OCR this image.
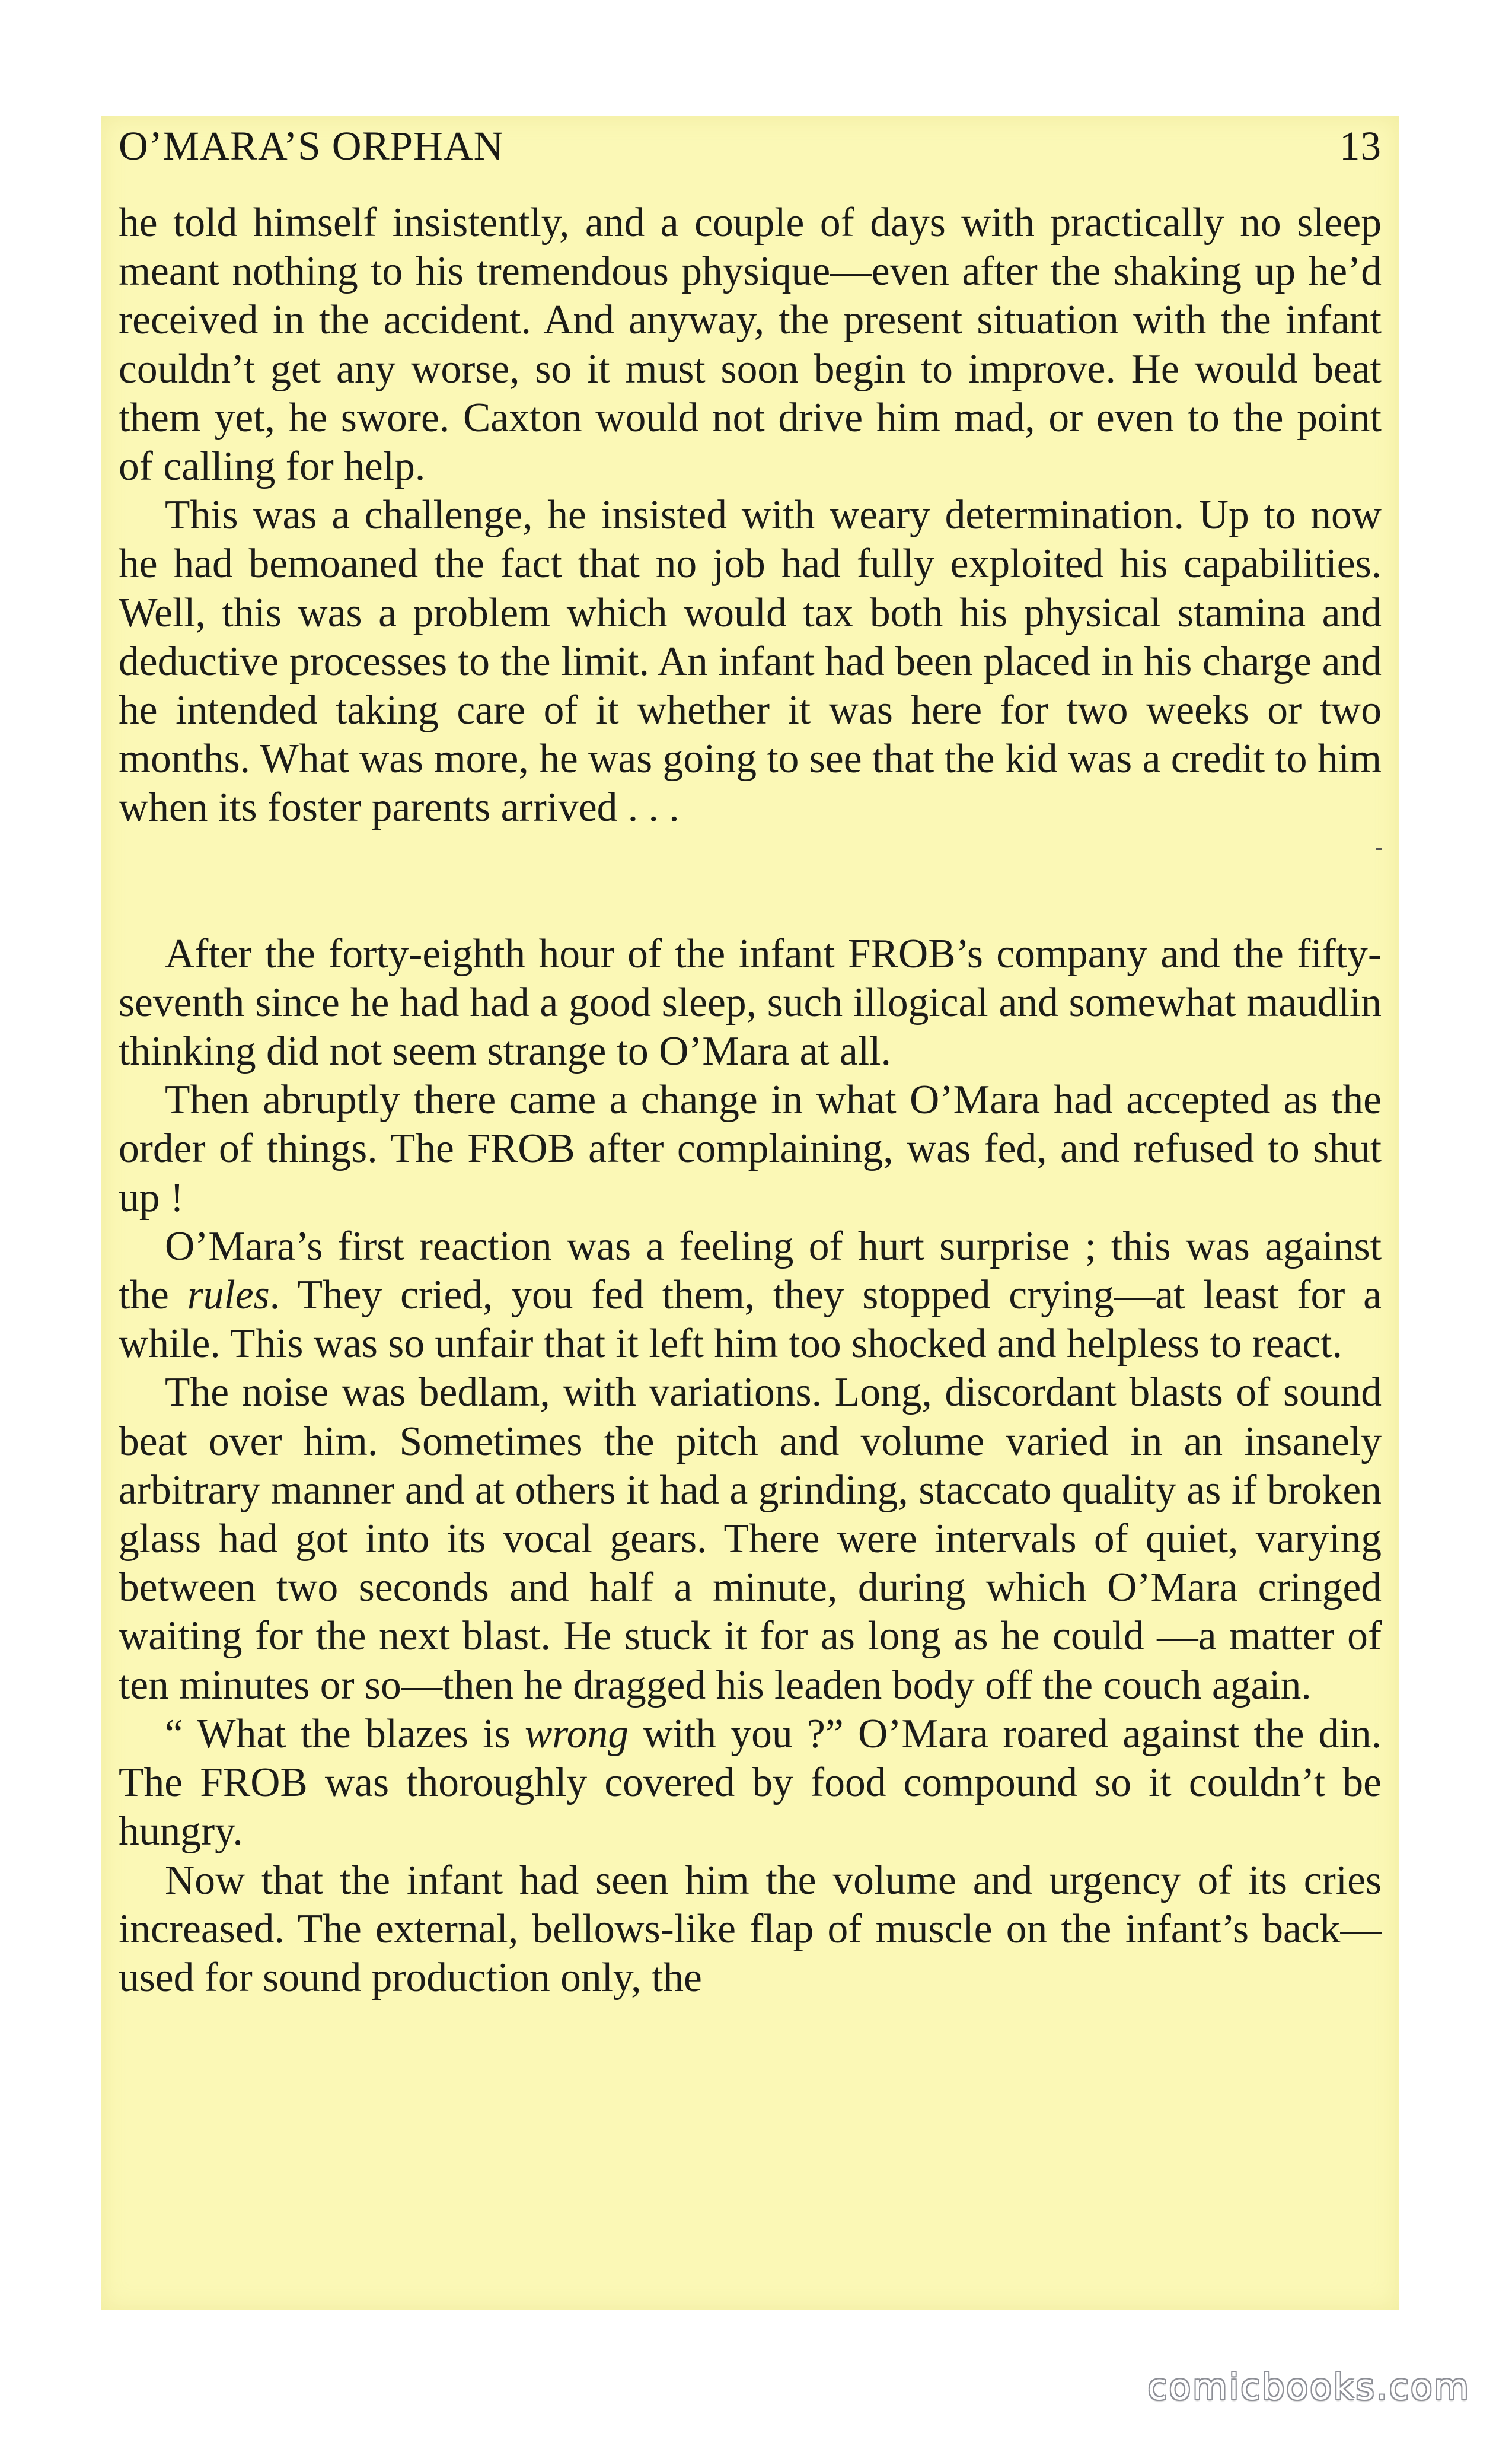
O’MARA’S ORPHAN	13

he told himself insistently, and a couple of days with practically no sleep meant nothing to his tremendous physique—even after the shaking up he’d received in the accident. And anyway, the present situation with the infant couldn’t get any worse, so it must soon begin to improve. He would beat them yet, he swore. Caxton would not drive him mad, or even to the point of calling for help.

This was a challenge, he insisted with weary determination. Up to now he had bemoaned the fact that no job had fully exploited his capabilities. Well, this was a problem which would tax both his physical stamina and deductive processes to the limit. An infant had been placed in his charge and he intended taking care of it whether it was here for two weeks or two months. What was more, he was going to see that the kid was a credit to him when its foster parents arrived . . .

After the forty-eighth hour of the infant FROB’s company and the fifty-seventh since he had had a good sleep, such illogical and somewhat maudlin thinking did not seem strange to O’Mara at all.

Then abruptly there came a change in what O’Mara had accepted as the order of things. The FROB after complaining, was fed, and refused to shut up !

O’Mara’s first reaction was a feeling of hurt surprise ; this was against the rules. They cried, you fed them, they stopped crying—at least for a while. This was so unfair that it left him too shocked and helpless to react.

The noise was bedlam, with variations. Long, discordant blasts of sound beat over him. Sometimes the pitch and volume varied in an insanely arbitrary manner and at others it had a grinding, staccato quality as if broken glass had got into its vocal gears. There were intervals of quiet, varying between two seconds and half a minute, during which O’Mara cringed waiting for the next blast. He stuck it for as long as he could —a matter of ten minutes or so—then he dragged his leaden body off the couch again.

“ What the blazes is wrong with you ?” O’Mara roared against the din. The FROB was thoroughly covered by food compound so it couldn’t be hungry.

Now that the infant had seen him the volume and urgency of its cries increased. The external, bellows-like flap of muscle on the infant’s back—used for sound production only, the

comicbooks.com
